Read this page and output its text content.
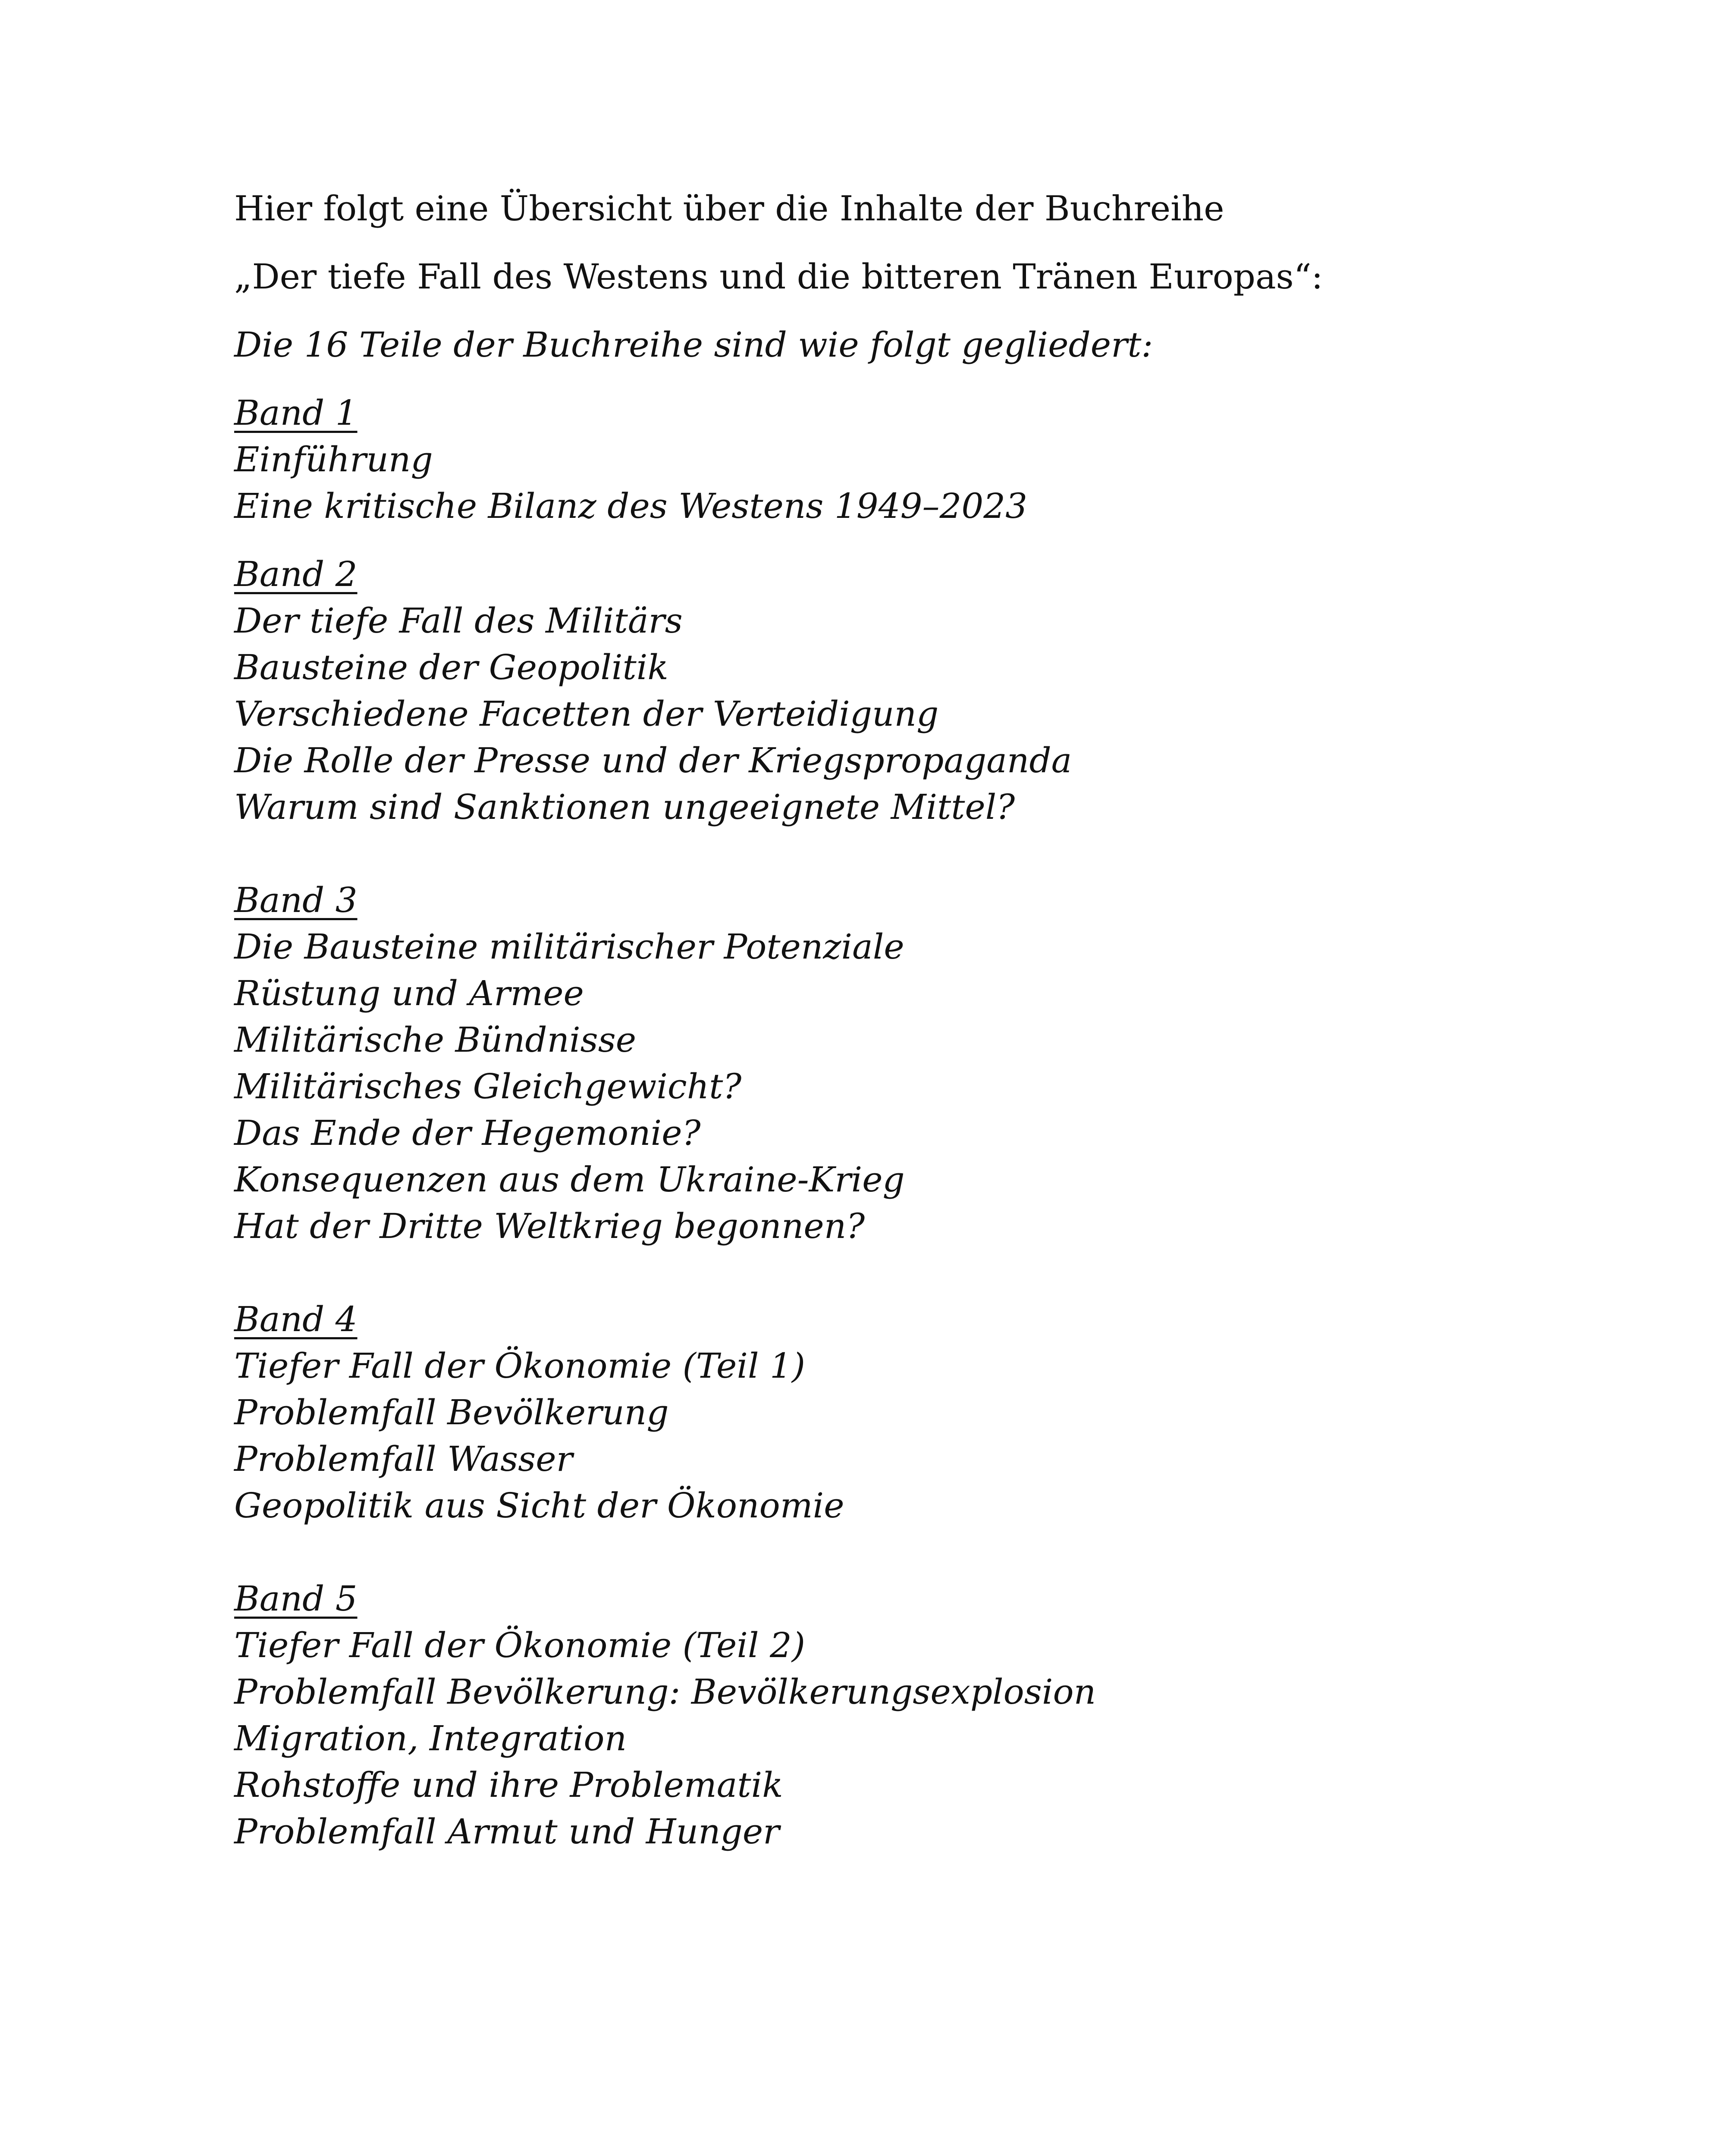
Hier folgt eine Übersicht über die Inhalte der Buchreihe

„Der tiefe Fall des Westens und die bitteren Tränen Europas“:

Die 16 Teile der Buchreihe sind wie folgt gegliedert:

Band 1
Einführung
Eine kritische Bilanz des Westens 1949–2023
Band 2
Der tiefe Fall des Militärs
Bausteine der Geopolitik
Verschiedene Facetten der Verteidigung
Die Rolle der Presse und der Kriegspropaganda
Warum sind Sanktionen ungeeignete Mittel?
Band 3
Die Bausteine militärischer Potenziale
Rüstung und Armee
Militärische Bündnisse
Militärisches Gleichgewicht?
Das Ende der Hegemonie?
Konsequenzen aus dem Ukraine-Krieg
Hat der Dritte Weltkrieg begonnen?
Band 4
Tiefer Fall der Ökonomie (Teil 1)
Problemfall Bevölkerung
Problemfall Wasser
Geopolitik aus Sicht der Ökonomie
Band 5
Tiefer Fall der Ökonomie (Teil 2)
Problemfall Bevölkerung: Bevölkerungsexplosion
Migration, Integration
Rohstoffe und ihre Problematik
Problemfall Armut und Hunger
